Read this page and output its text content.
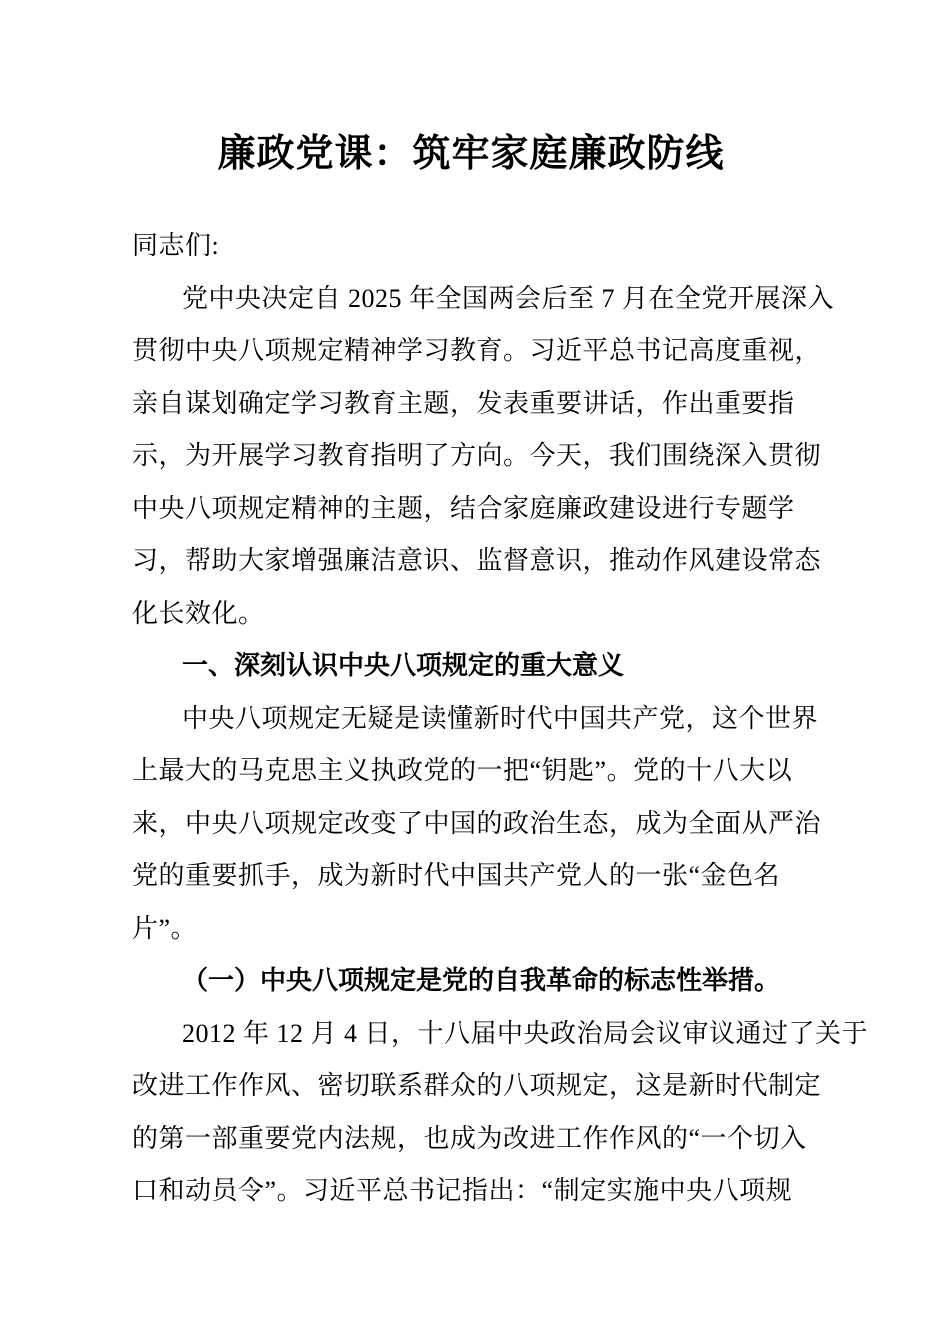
廉政党课：筑牢家庭廉政防线
同志们:
党中央决定自 2025 年全国两会后至 7 月在全党开展深入
贯彻中央八项规定精神学习教育。习近平总书记高度重视，
亲自谋划确定学习教育主题，发表重要讲话，作出重要指
示，为开展学习教育指明了方向。今天，我们围绕深入贯彻
中央八项规定精神的主题，结合家庭廉政建设进行专题学
习，帮助大家增强廉洁意识、监督意识，推动作风建设常态
化长效化。
一、深刻认识中央八项规定的重大意义
中央八项规定无疑是读懂新时代中国共产党，这个世界
上最大的马克思主义执政党的一把“钥匙”。党的十八大以
来，中央八项规定改变了中国的政治生态，成为全面从严治
党的重要抓手，成为新时代中国共产党人的一张“金色名
片”。
（一）中央八项规定是党的自我革命的标志性举措。
2012 年 12 月 4 日，十八届中央政治局会议审议通过了关于
改进工作作风、密切联系群众的八项规定，这是新时代制定
的第一部重要党内法规，也成为改进工作作风的“一个切入
口和动员令”。习近平总书记指出：“制定实施中央八项规
